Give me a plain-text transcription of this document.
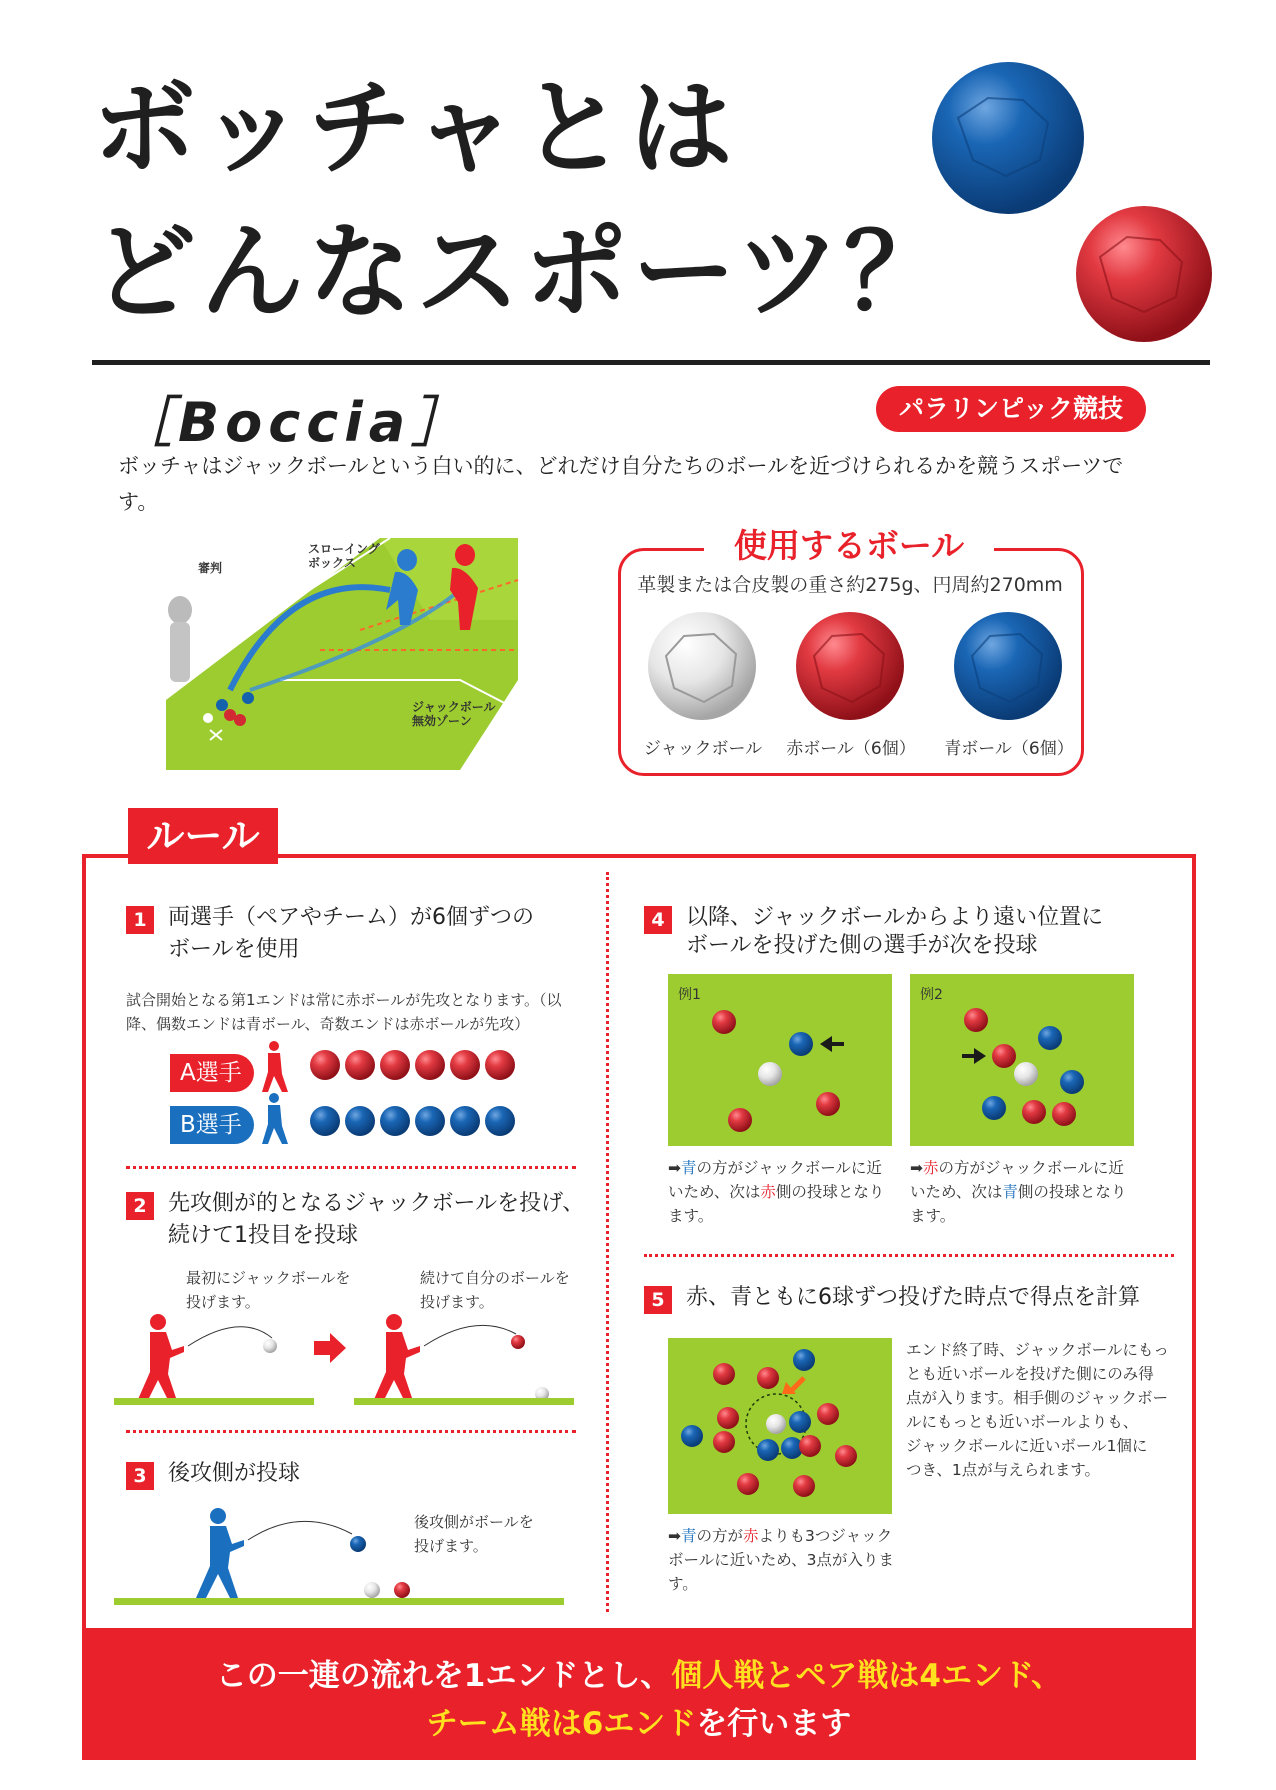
ボッチャとは
どんなスポーツ？
［Boccia］	パラリンピック競技
ボッチャはジャックボールという白い的に、どれだけ自分たちのボールを近づけられるかを競うスポーツです。
審判
スローイング
ボックス
ジャックボール
無効ゾーン
使用するボール
革製または合皮製の重さ約275g、円周約270mm
ジャックボール	赤ボール（6個）	青ボール（6個）
ルール
1 両選手（ペアやチーム）が6個ずつの
ボールを使用
試合開始となる第1エンドは常に赤ボールが先攻となります。（以
降、偶数エンドは青ボール、奇数エンドは赤ボールが先攻）
A選手
B選手
2 先攻側が的となるジャックボールを投げ、
続けて1投目を投球
最初にジャックボールを
投げます。
続けて自分のボールを
投げます。
3 後攻側が投球
後攻側がボールを
投げます。
4 以降、ジャックボールからより遠い位置に
ボールを投げた側の選手が次を投球
例1
➡青の方がジャックボールに近
いため、次は赤側の投球となり
ます。
例2
➡赤の方がジャックボールに近
いため、次は青側の投球となり
ます。
5 赤、青ともに6球ずつ投げた時点で得点を計算
エンド終了時、ジャックボールにもっ
とも近いボールを投げた側にのみ得
点が入ります。相手側のジャックボー
ルにもっとも近いボールよりも、
ジャックボールに近いボール1個に
つき、1点が与えられます。
➡青の方が赤よりも3つジャック
ボールに近いため、3点が入りま
す。
この一連の流れを1エンドとし、個人戦とペア戦は4エンド、
チーム戦は6エンドを行います
